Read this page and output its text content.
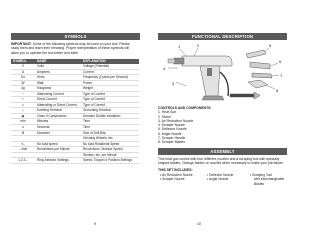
SYMBOLS
IMPORTANT: Some of the following symbols may be used on your tool. Please
study them and learn their meaning. Proper interpretation of these symbols will
allow you to operate the tool better and safer.
SYMBOL	NAME	EXPLANATION
V	Volts	Voltage (Potential)
A	Amperes	Current
Hz	Hertz	Frequency (Cycles per Second)
W	Watt	Power
kg	Kilograms	Weight
~	Alternating Current	Type of Current
⎓	Direct Current	Type of Current
≂	Alternating or Direct Current	Type of Current
⏚	Earthing Terminal	Grounding Terminal
▣	Class II Construction	Denotes Double Insulation
min	Minutes	Time
s	Seconds	Time
Ø	Diameter	Size of Drill Bits,
		Grinding Wheels, etc.
n₀	No load speed	No load Rotational Speed
.../min	Revolutions per Minute	Revolutions, Surface Speed,
		Strokes, etc. per Minute
1,2,3...	Ring-Selector Settings	Speed, Torque or Position Settings
9
FUNCTIONAL DESCRIPTION
1	2
3
4
5
6
7
8
CONTROLS AND COMPONENTS:
1. Heat Gun
2. Stand
3. Air Reduction Nozzle
4. Scraper Nozzle
5. Deflector Nozzle
6. Angle Nozzle
7. Scraper Handle
8. Scraper Blades
ASSEMBLY
This heat gun comes with four different nozzles and a scraping tool with specially
shaped blades. Change blades or nozzles when necessary to make your job easier.
THIS SET INCLUDES:
• Air Reduction Nozzle
• Scraper Nozzle
• Deflector Nozzle
• Angle Nozzle
• Scraping Tool
with interchangeable
Blades
10
